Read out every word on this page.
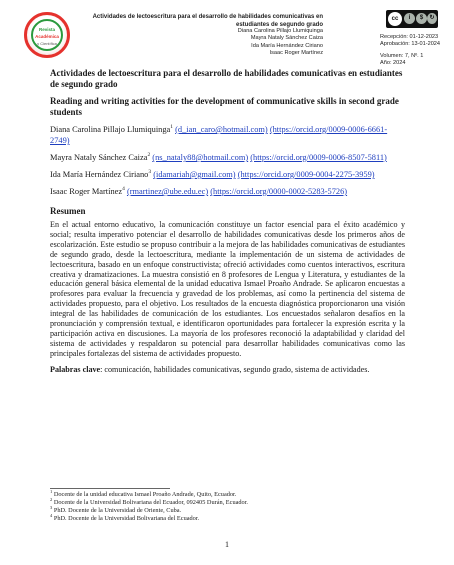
Revista
Académica
y Científica
Actividades de lectoescritura para el desarrollo de habilidades comunicativas en estudiantes de segundo grado
Diana Carolina Pillajo Llumiquinga
Mayra Nataly Sánchez Caiza
Ida María Hernández Ciriano
Isaac Roger Martínez
cc	i	$	↻
Recepción: 01-12-2023
Aprobación: 13-01-2024
Volumen: 7, Nº. 1
Año: 2024
Actividades de lectoescritura para el desarrollo de habilidades comunicativas en estudiantes de segundo grado
Reading and writing activities for the development of communicative skills in second grade students
Diana Carolina Pillajo Llumiquinga$^1$ (d_ian_caro@hotmail.com) (https://orcid.org/0009-0006-6661-2749)
Mayra Nataly Sánchez Caiza$^2$ (ns_nataly88@hotmail.com) (https://orcid.org/0009-0006-8507-5811)
Ida María Hernández Ciriano$^3$ (idamariah@gmail.com) (https://orcid.org/0009-0004-2275-3959)
Isaac Roger Martínez$^4$ (rmartinez@ube.edu.ec) (https://orcid.org/0000-0002-5283-5726)
Resumen
En el actual entorno educativo, la comunicación constituye un factor esencial para el éxito académico y social; resulta imperativo potenciar el desarrollo de habilidades comunicativas desde los primeros años de escolarización. Este estudio se propuso contribuir a la mejora de las habilidades comunicativas de estudiantes de segundo grado, desde la lectoescritura, mediante la implementación de un sistema de actividades de lectoescritura, basado en un enfoque constructivista; ofreció actividades como cuentos interactivos, escritura creativa y dramatizaciones. La muestra consistió en 8 profesores de Lengua y Literatura, y estudiantes de la educación general básica elemental de la unidad educativa Ismael Proaño Andrade. Se aplicaron encuestas a profesores para evaluar la frecuencia y gravedad de los problemas, así como la pertinencia del sistema de actividades propuesto, para el objetivo. Los resultados de la encuesta diagnóstica proporcionaron una visión integral de las habilidades de comunicación de los estudiantes. Los encuestados señalaron desafíos en la pronunciación y comprensión textual, e identificaron oportunidades para fortalecer la expresión escrita y la participación activa en discusiones. La mayoría de los profesores reconoció la adaptabilidad y claridad del sistema de actividades y respaldaron su potencial para desarrollar habilidades comunicativas como las principales fortalezas del sistema de actividades propuesto.
Palabras clave: comunicación, habilidades comunicativas, segundo grado, sistema de actividades.
$^1$ Docente de la unidad educativa Ismael Proaño Andrade, Quito, Ecuador.
$^2$ Docente de la Universidad Bolivariana del Ecuador, 092405 Durán, Ecuador.
$^3$ PhD. Docente de la Universidad de Oriente, Cuba.
$^4$ PhD. Docente de la Universidad Bolivariana del Ecuador.
1
